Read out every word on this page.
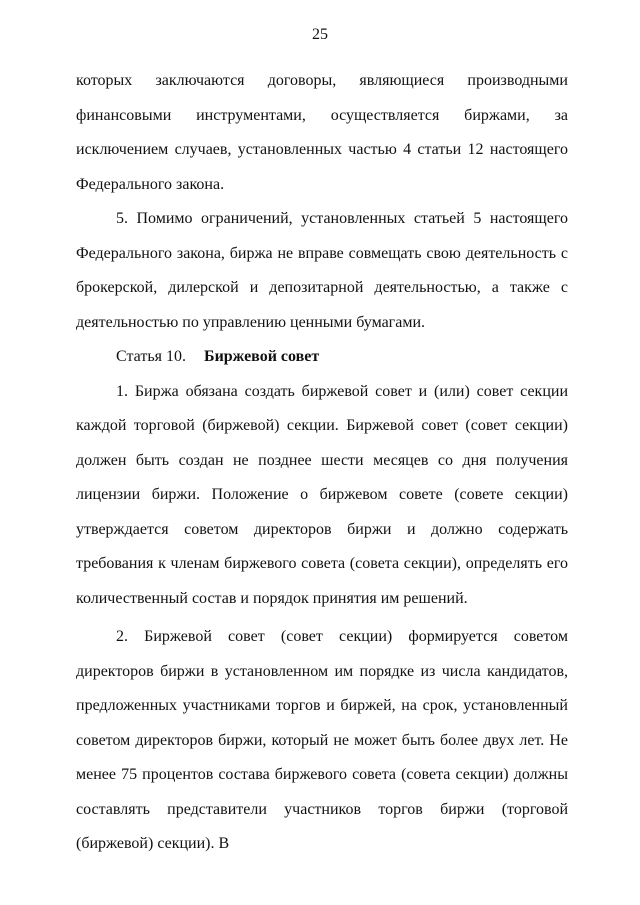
25

которых заключаются договоры, являющиеся производными финансовыми инструментами, осуществляется биржами, за исключением случаев, установленных частью 4 статьи 12 настоящего Федерального закона.

5. Помимо ограничений, установленных статьей 5 настоящего Федерального закона, биржа не вправе совмещать свою деятельность с брокерской, дилерской и депозитарной деятельностью, а также с деятельностью по управлению ценными бумагами.

Статья 10. Биржевой совет

1. Биржа обязана создать биржевой совет и (или) совет секции каждой торговой (биржевой) секции. Биржевой совет (совет секции) должен быть создан не позднее шести месяцев со дня получения лицензии биржи. Положение о биржевом совете (совете секции) утверждается советом директоров биржи и должно содержать требования к членам биржевого совета (совета секции), определять его количественный состав и порядок принятия им решений.

2. Биржевой совет (совет секции) формируется советом директоров биржи в установленном им порядке из числа кандидатов, предложенных участниками торгов и биржей, на срок, установленный советом директоров биржи, который не может быть более двух лет. Не менее 75 процентов состава биржевого совета (совета секции) должны составлять представители участников торгов биржи (торговой (биржевой) секции). В
